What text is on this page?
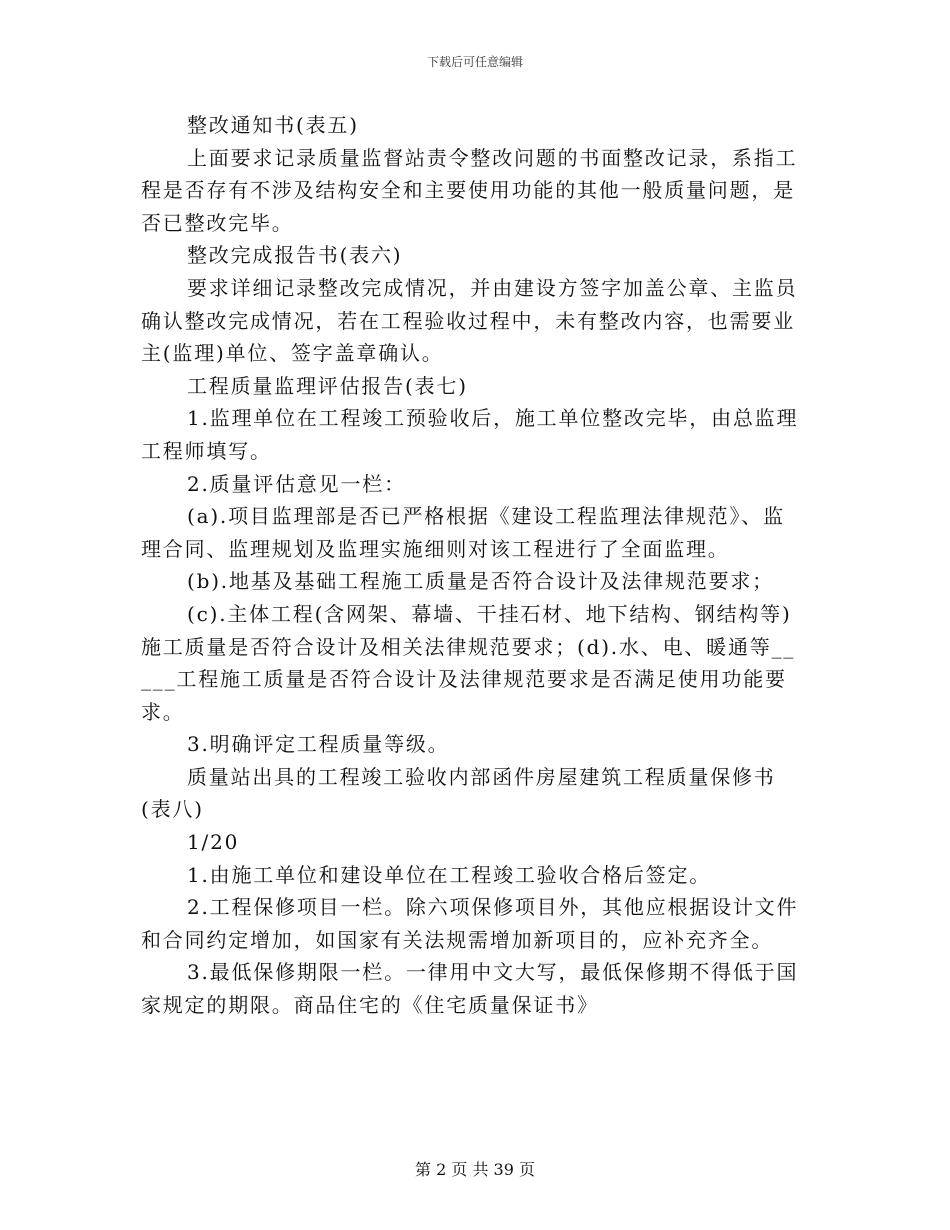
下载后可任意编辑

整改通知书(表五)

上面要求记录质量监督站责令整改问题的书面整改记录，系指工程是否存有不涉及结构安全和主要使用功能的其他一般质量问题，是否已整改完毕。

整改完成报告书(表六)

要求详细记录整改完成情况，并由建设方签字加盖公章、主监员确认整改完成情况，若在工程验收过程中，未有整改内容，也需要业主(监理)单位、签字盖章确认。

工程质量监理评估报告(表七)

1.监理单位在工程竣工预验收后，施工单位整改完毕，由总监理工程师填写。

2.质量评估意见一栏：

(a).项目监理部是否已严格根据《建设工程监理法律规范》、监理合同、监理规划及监理实施细则对该工程进行了全面监理。

(b).地基及基础工程施工质量是否符合设计及法律规范要求；

(c).主体工程(含网架、幕墙、干挂石材、地下结构、钢结构等)施工质量是否符合设计及相关法律规范要求；(d).水、电、暖通等_____工程施工质量是否符合设计及法律规范要求是否满足使用功能要求。

3.明确评定工程质量等级。

质量站出具的工程竣工验收内部函件房屋建筑工程质量保修书(表八)

1/20

1.由施工单位和建设单位在工程竣工验收合格后签定。

2.工程保修项目一栏。除六项保修项目外，其他应根据设计文件和合同约定增加，如国家有关法规需增加新项目的，应补充齐全。

3.最低保修期限一栏。一律用中文大写，最低保修期不得低于国家规定的期限。商品住宅的《住宅质量保证书》

第 2 页 共 39 页
